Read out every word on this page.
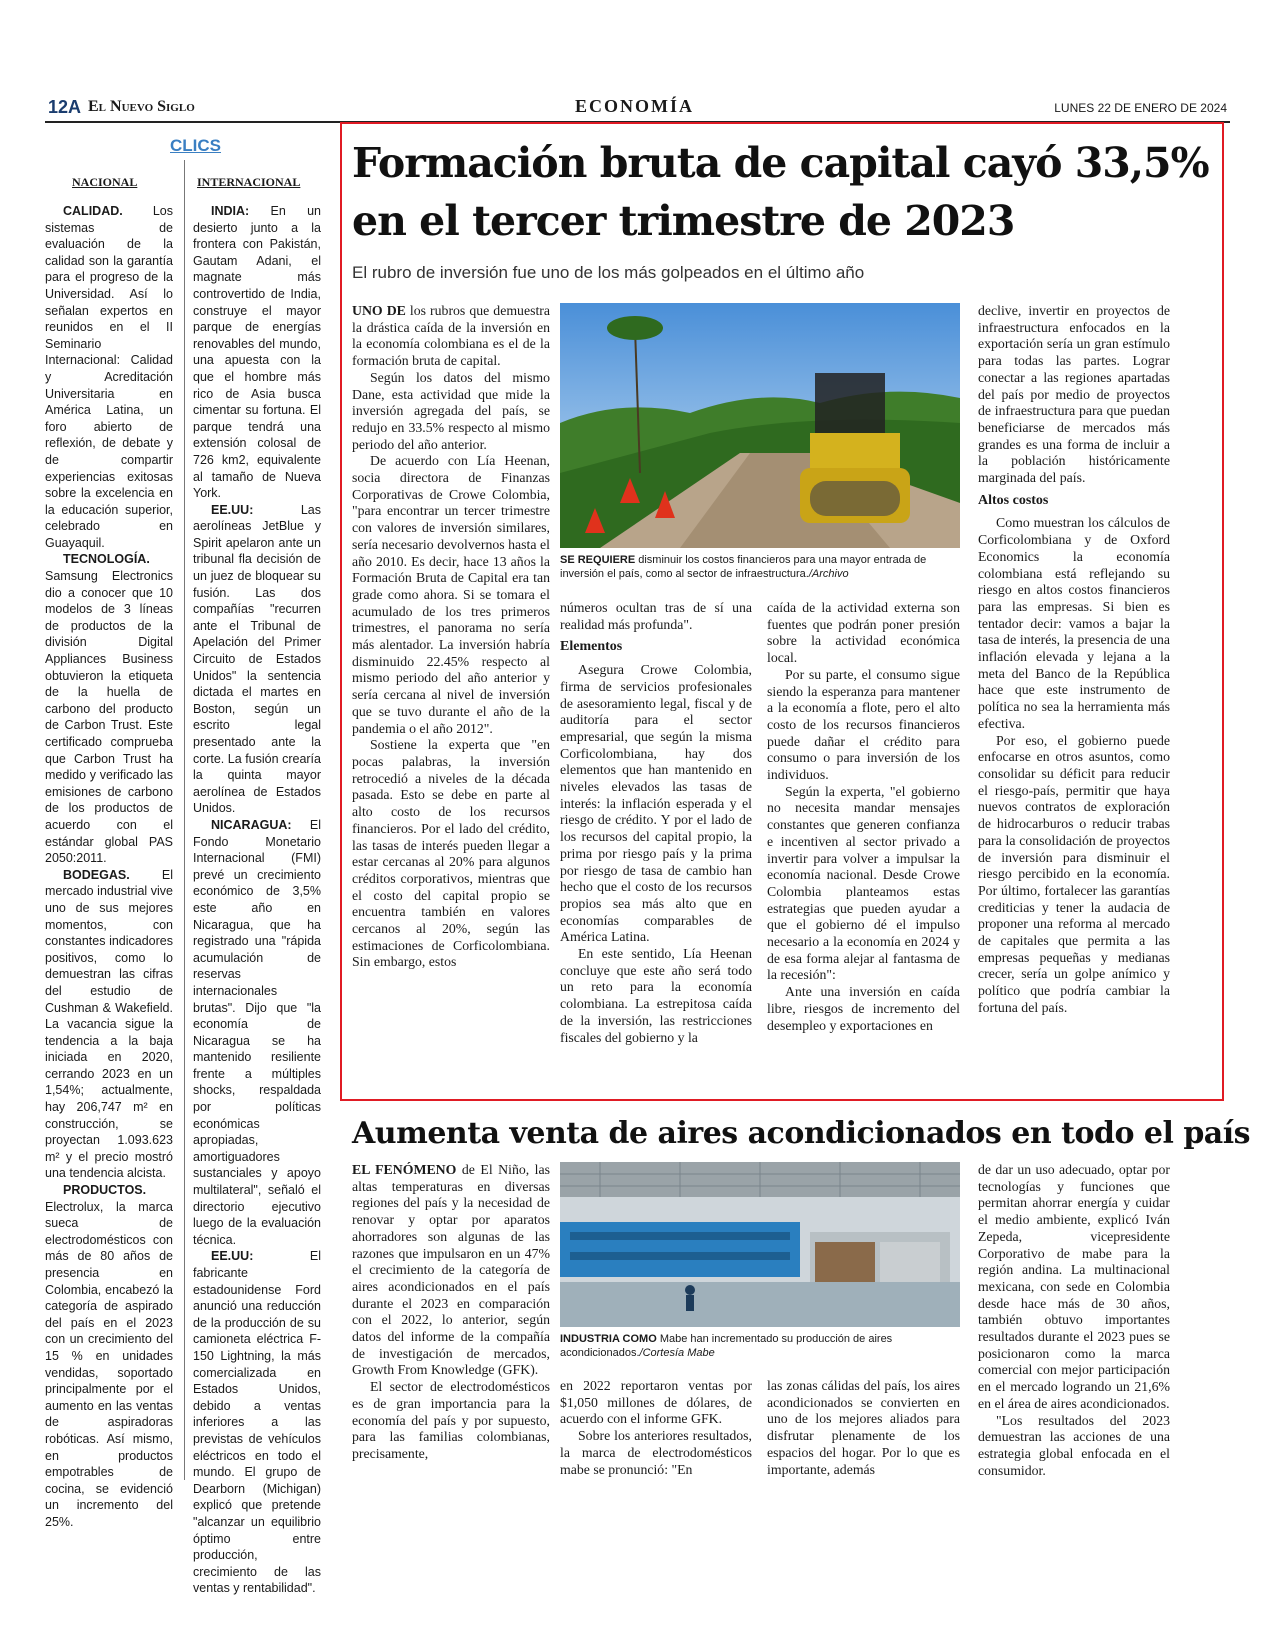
12A El Nuevo Siglo	ECONOMÍA	LUNES 22 DE ENERO DE 2024
CLICS
NACIONAL	INTERNACIONAL

CALIDAD. Los sistemas de evaluación de la calidad son la garantía para el progreso de la Universidad. Así lo señalan expertos en reunidos en el II Seminario Internacional: Calidad y Acreditación Universitaria en América Latina, un foro abierto de reflexión, de debate y de compartir experiencias exitosas sobre la excelencia en la educación superior, celebrado en Guayaquil.

TECNOLOGÍA. Samsung Electronics dio a conocer que 10 modelos de 3 líneas de productos de la división Digital Appliances Business obtuvieron la etiqueta de la huella de carbono del producto de Carbon Trust. Este certificado comprueba que Carbon Trust ha medido y verificado las emisiones de carbono de los productos de acuerdo con el estándar global PAS 2050:2011.

BODEGAS. El mercado industrial vive uno de sus mejores momentos, con constantes indicadores positivos, como lo demuestran las cifras del estudio de Cushman & Wakefield. La vacancia sigue la tendencia a la baja iniciada en 2020, cerrando 2023 en un 1,54%; actualmente, hay 206,747 m² en construcción, se proyectan 1.093.623 m² y el precio mostró una tendencia alcista.

PRODUCTOS. Electrolux, la marca sueca de electrodomésticos con más de 80 años de presencia en Colombia, encabezó la categoría de aspirado del país en el 2023 con un crecimiento del 15 % en unidades vendidas, soportado principalmente por el aumento en las ventas de aspiradoras robóticas. Así mismo, en productos empotrables de cocina, se evidenció un incremento del 25%.

INDIA: En un desierto junto a la frontera con Pakistán, Gautam Adani, el magnate más controvertido de India, construye el mayor parque de energías renovables del mundo, una apuesta con la que el hombre más rico de Asia busca cimentar su fortuna. El parque tendrá una extensión colosal de 726 km2, equivalente al tamaño de Nueva York.

EE.UU: Las aerolíneas JetBlue y Spirit apelaron ante un tribunal fla decisión de un juez de bloquear su fusión. Las dos compañías "recurren ante el Tribunal de Apelación del Primer Circuito de Estados Unidos" la sentencia dictada el martes en Boston, según un escrito legal presentado ante la corte. La fusión crearía la quinta mayor aerolínea de Estados Unidos.

NICARAGUA: El Fondo Monetario Internacional (FMI) prevé un crecimiento económico de 3,5% este año en Nicaragua, que ha registrado una "rápida acumulación de reservas internacionales brutas". Dijo que "la economía de Nicaragua se ha mantenido resiliente frente a múltiples shocks, respaldada por políticas económicas apropiadas, amortiguadores sustanciales y apoyo multilateral", señaló el directorio ejecutivo luego de la evaluación técnica.

EE.UU: El fabricante estadounidense Ford anunció una reducción de la producción de su camioneta eléctrica F-150 Lightning, la más comercializada en Estados Unidos, debido a ventas inferiores a las previstas de vehículos eléctricos en todo el mundo. El grupo de Dearborn (Michigan) explicó que pretende "alcanzar un equilibrio óptimo entre producción, crecimiento de las ventas y rentabilidad".

Formación bruta de capital cayó 33,5% en el tercer trimestre de 2023
El rubro de inversión fue uno de los más golpeados en el último año

UNO DE los rubros que demuestra la drástica caída de la inversión en la economía colombiana es el de la formación bruta de capital.

Según los datos del mismo Dane, esta actividad que mide la inversión agregada del país, se redujo en 33.5% respecto al mismo periodo del año anterior.

De acuerdo con Lía Heenan, socia directora de Finanzas Corporativas de Crowe Colombia, "para encontrar un tercer trimestre con valores de inversión similares, sería necesario devolvernos hasta el año 2010. Es decir, hace 13 años la Formación Bruta de Capital era tan grade como ahora. Si se tomara el acumulado de los tres primeros trimestres, el panorama no sería más alentador. La inversión habría disminuido 22.45% respecto al mismo periodo del año anterior y sería cercana al nivel de inversión que se tuvo durante el año de la pandemia o el año 2012".

Sostiene la experta que "en pocas palabras, la inversión retrocedió a niveles de la década pasada. Esto se debe en parte al alto costo de los recursos financieros. Por el lado del crédito, las tasas de interés pueden llegar a estar cercanas al 20% para algunos créditos corporativos, mientras que el costo del capital propio se encuentra también en valores cercanos al 20%, según las estimaciones de Corficolombiana. Sin embargo, estos

SE REQUIERE disminuir los costos financieros para una mayor entrada de inversión el país, como al sector de infraestructura./Archivo

números ocultan tras de sí una realidad más profunda".

Elementos

Asegura Crowe Colombia, firma de servicios profesionales de asesoramiento legal, fiscal y de auditoría para el sector empresarial, que según la misma Corficolombiana, hay dos elementos que han mantenido en niveles elevados las tasas de interés: la inflación esperada y el riesgo de crédito. Y por el lado de los recursos del capital propio, la prima por riesgo país y la prima por riesgo de tasa de cambio han hecho que el costo de los recursos propios sea más alto que en economías comparables de América Latina.

En este sentido, Lía Heenan concluye que este año será todo un reto para la economía colombiana. La estrepitosa caída de la inversión, las restricciones fiscales del gobierno y la

caída de la actividad externa son fuentes que podrán poner presión sobre la actividad económica local.

Por su parte, el consumo sigue siendo la esperanza para mantener a la economía a flote, pero el alto costo de los recursos financieros puede dañar el crédito para consumo o para inversión de los individuos.

Según la experta, "el gobierno no necesita mandar mensajes constantes que generen confianza e incentiven al sector privado a invertir para volver a impulsar la economía nacional. Desde Crowe Colombia planteamos estas estrategias que pueden ayudar a que el gobierno dé el impulso necesario a la economía en 2024 y de esa forma alejar al fantasma de la recesión":

Ante una inversión en caída libre, riesgos de incremento del desempleo y exportaciones en

declive, invertir en proyectos de infraestructura enfocados en la exportación sería un gran estímulo para todas las partes. Lograr conectar a las regiones apartadas del país por medio de proyectos de infraestructura para que puedan beneficiarse de mercados más grandes es una forma de incluir a la población históricamente marginada del país.

Altos costos

Como muestran los cálculos de Corficolombiana y de Oxford Economics la economía colombiana está reflejando su riesgo en altos costos financieros para las empresas. Si bien es tentador decir: vamos a bajar la tasa de interés, la presencia de una inflación elevada y lejana a la meta del Banco de la República hace que este instrumento de política no sea la herramienta más efectiva.

Por eso, el gobierno puede enfocarse en otros asuntos, como consolidar su déficit para reducir el riesgo-país, permitir que haya nuevos contratos de exploración de hidrocarburos o reducir trabas para la consolidación de proyectos de inversión para disminuir el riesgo percibido en la economía. Por último, fortalecer las garantías crediticias y tener la audacia de proponer una reforma al mercado de capitales que permita a las empresas pequeñas y medianas crecer, sería un golpe anímico y político que podría cambiar la fortuna del país.

Aumenta venta de aires acondicionados en todo el país

EL FENÓMENO de El Niño, las altas temperaturas en diversas regiones del país y la necesidad de renovar y optar por aparatos ahorradores son algunas de las razones que impulsaron en un 47% el crecimiento de la categoría de aires acondicionados en el país durante el 2023 en comparación con el 2022, lo anterior, según datos del informe de la compañía de investigación de mercados, Growth From Knowledge (GFK).

El sector de electrodomésticos es de gran importancia para la economía del país y por supuesto, para las familias colombianas, precisamente,

INDUSTRIA COMO Mabe han incrementado su producción de aires acondicionados./Cortesía Mabe

en 2022 reportaron ventas por $1,050 millones de dólares, de acuerdo con el informe GFK.

Sobre los anteriores resultados, la marca de electrodomésticos mabe se pronunció: "En

las zonas cálidas del país, los aires acondicionados se convierten en uno de los mejores aliados para disfrutar plenamente de los espacios del hogar. Por lo que es importante, además

de dar un uso adecuado, optar por tecnologías y funciones que permitan ahorrar energía y cuidar el medio ambiente, explicó Iván Zepeda, vicepresidente Corporativo de mabe para la región andina. La multinacional mexicana, con sede en Colombia desde hace más de 30 años, también obtuvo importantes resultados durante el 2023 pues se posicionaron como la marca comercial con mejor participación en el mercado logrando un 21,6% en el área de aires acondicionados.

"Los resultados del 2023 demuestran las acciones de una estrategia global enfocada en el consumidor.
